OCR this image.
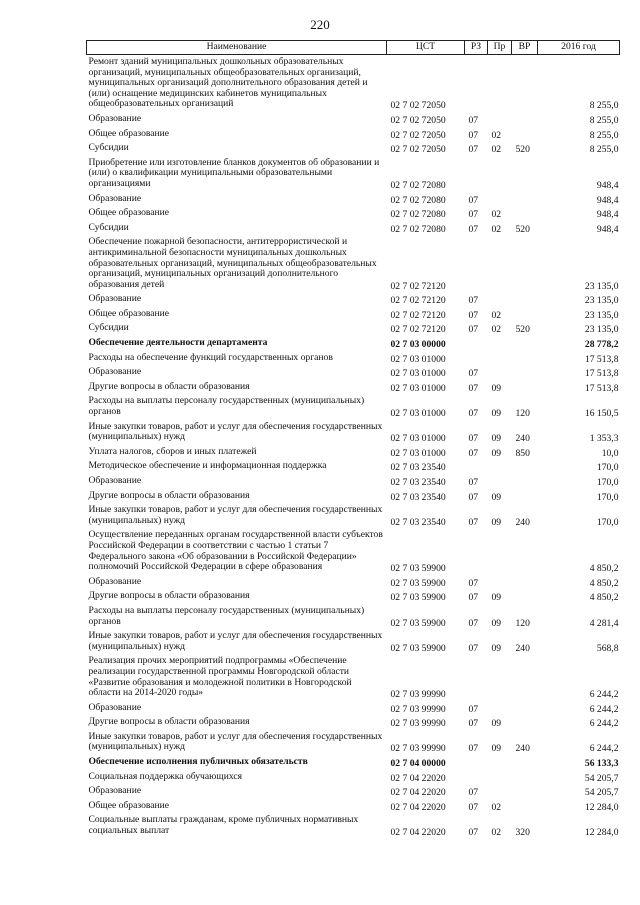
220
Наименование	ЦСТ	РЗ	Пр	ВР	2016 год
Ремонт зданий муниципальных дошкольных образовательных организаций, муниципальных общеобразовательных организаций, муниципальных организаций дополнительного образования детей и (или) оснащение медицинских кабинетов муниципальных общеобразовательных организаций	02 7 02 72050				8 255,0
Образование	02 7 02 72050	07			8 255,0
Общее образование	02 7 02 72050	07	02		8 255,0
Субсидии	02 7 02 72050	07	02	520	8 255,0
Приобретение или изготовление бланков документов об образовании и (или) о квалификации муниципальными образовательными организациями	02 7 02 72080				948,4
Образование	02 7 02 72080	07			948,4
Общее образование	02 7 02 72080	07	02		948,4
Субсидии	02 7 02 72080	07	02	520	948,4
Обеспечение пожарной безопасности, антитеррористической и антикриминальной безопасности муниципальных дошкольных образовательных организаций, муниципальных общеобразовательных организаций, муниципальных организаций дополнительного образования детей	02 7 02 72120				23 135,0
Образование	02 7 02 72120	07			23 135,0
Общее образование	02 7 02 72120	07	02		23 135,0
Субсидии	02 7 02 72120	07	02	520	23 135,0
Обеспечение деятельности департамента	02 7 03 00000				28 778,2
Расходы на обеспечение функций государственных органов	02 7 03 01000				17 513,8
Образование	02 7 03 01000	07			17 513,8
Другие вопросы в области образования	02 7 03 01000	07	09		17 513,8
Расходы на выплаты персоналу государственных (муниципальных) органов	02 7 03 01000	07	09	120	16 150,5
Иные закупки товаров, работ и услуг для обеспечения государственных (муниципальных) нужд	02 7 03 01000	07	09	240	1 353,3
Уплата налогов, сборов и иных платежей	02 7 03 01000	07	09	850	10,0
Методическое обеспечение и информационная поддержка	02 7 03 23540				170,0
Образование	02 7 03 23540	07			170,0
Другие вопросы в области образования	02 7 03 23540	07	09		170,0
Иные закупки товаров, работ и услуг для обеспечения государственных (муниципальных) нужд	02 7 03 23540	07	09	240	170,0
Осуществление переданных органам государственной власти субъектов Российской Федерации в соответствии с частью 1 статьи 7 Федерального закона «Об образовании в Российской Федерации» полномочий Российской Федерации в сфере образования	02 7 03 59900				4 850,2
Образование	02 7 03 59900	07			4 850,2
Другие вопросы в области образования	02 7 03 59900	07	09		4 850,2
Расходы на выплаты персоналу государственных (муниципальных) органов	02 7 03 59900	07	09	120	4 281,4
Иные закупки товаров, работ и услуг для обеспечения государственных (муниципальных) нужд	02 7 03 59900	07	09	240	568,8
Реализация прочих мероприятий подпрограммы «Обеспечение реализации государственной программы Новгородской области «Развитие образования и молодежной политики в Новгородской области на 2014-2020 годы»	02 7 03 99990				6 244,2
Образование	02 7 03 99990	07			6 244,2
Другие вопросы в области образования	02 7 03 99990	07	09		6 244,2
Иные закупки товаров, работ и услуг для обеспечения государственных (муниципальных) нужд	02 7 03 99990	07	09	240	6 244,2
Обеспечение исполнения публичных обязательств	02 7 04 00000				56 133,3
Социальная поддержка обучающихся	02 7 04 22020				54 205,7
Образование	02 7 04 22020	07			54 205,7
Общее образование	02 7 04 22020	07	02		12 284,0
Социальные выплаты гражданам, кроме публичных нормативных социальных выплат	02 7 04 22020	07	02	320	12 284,0
